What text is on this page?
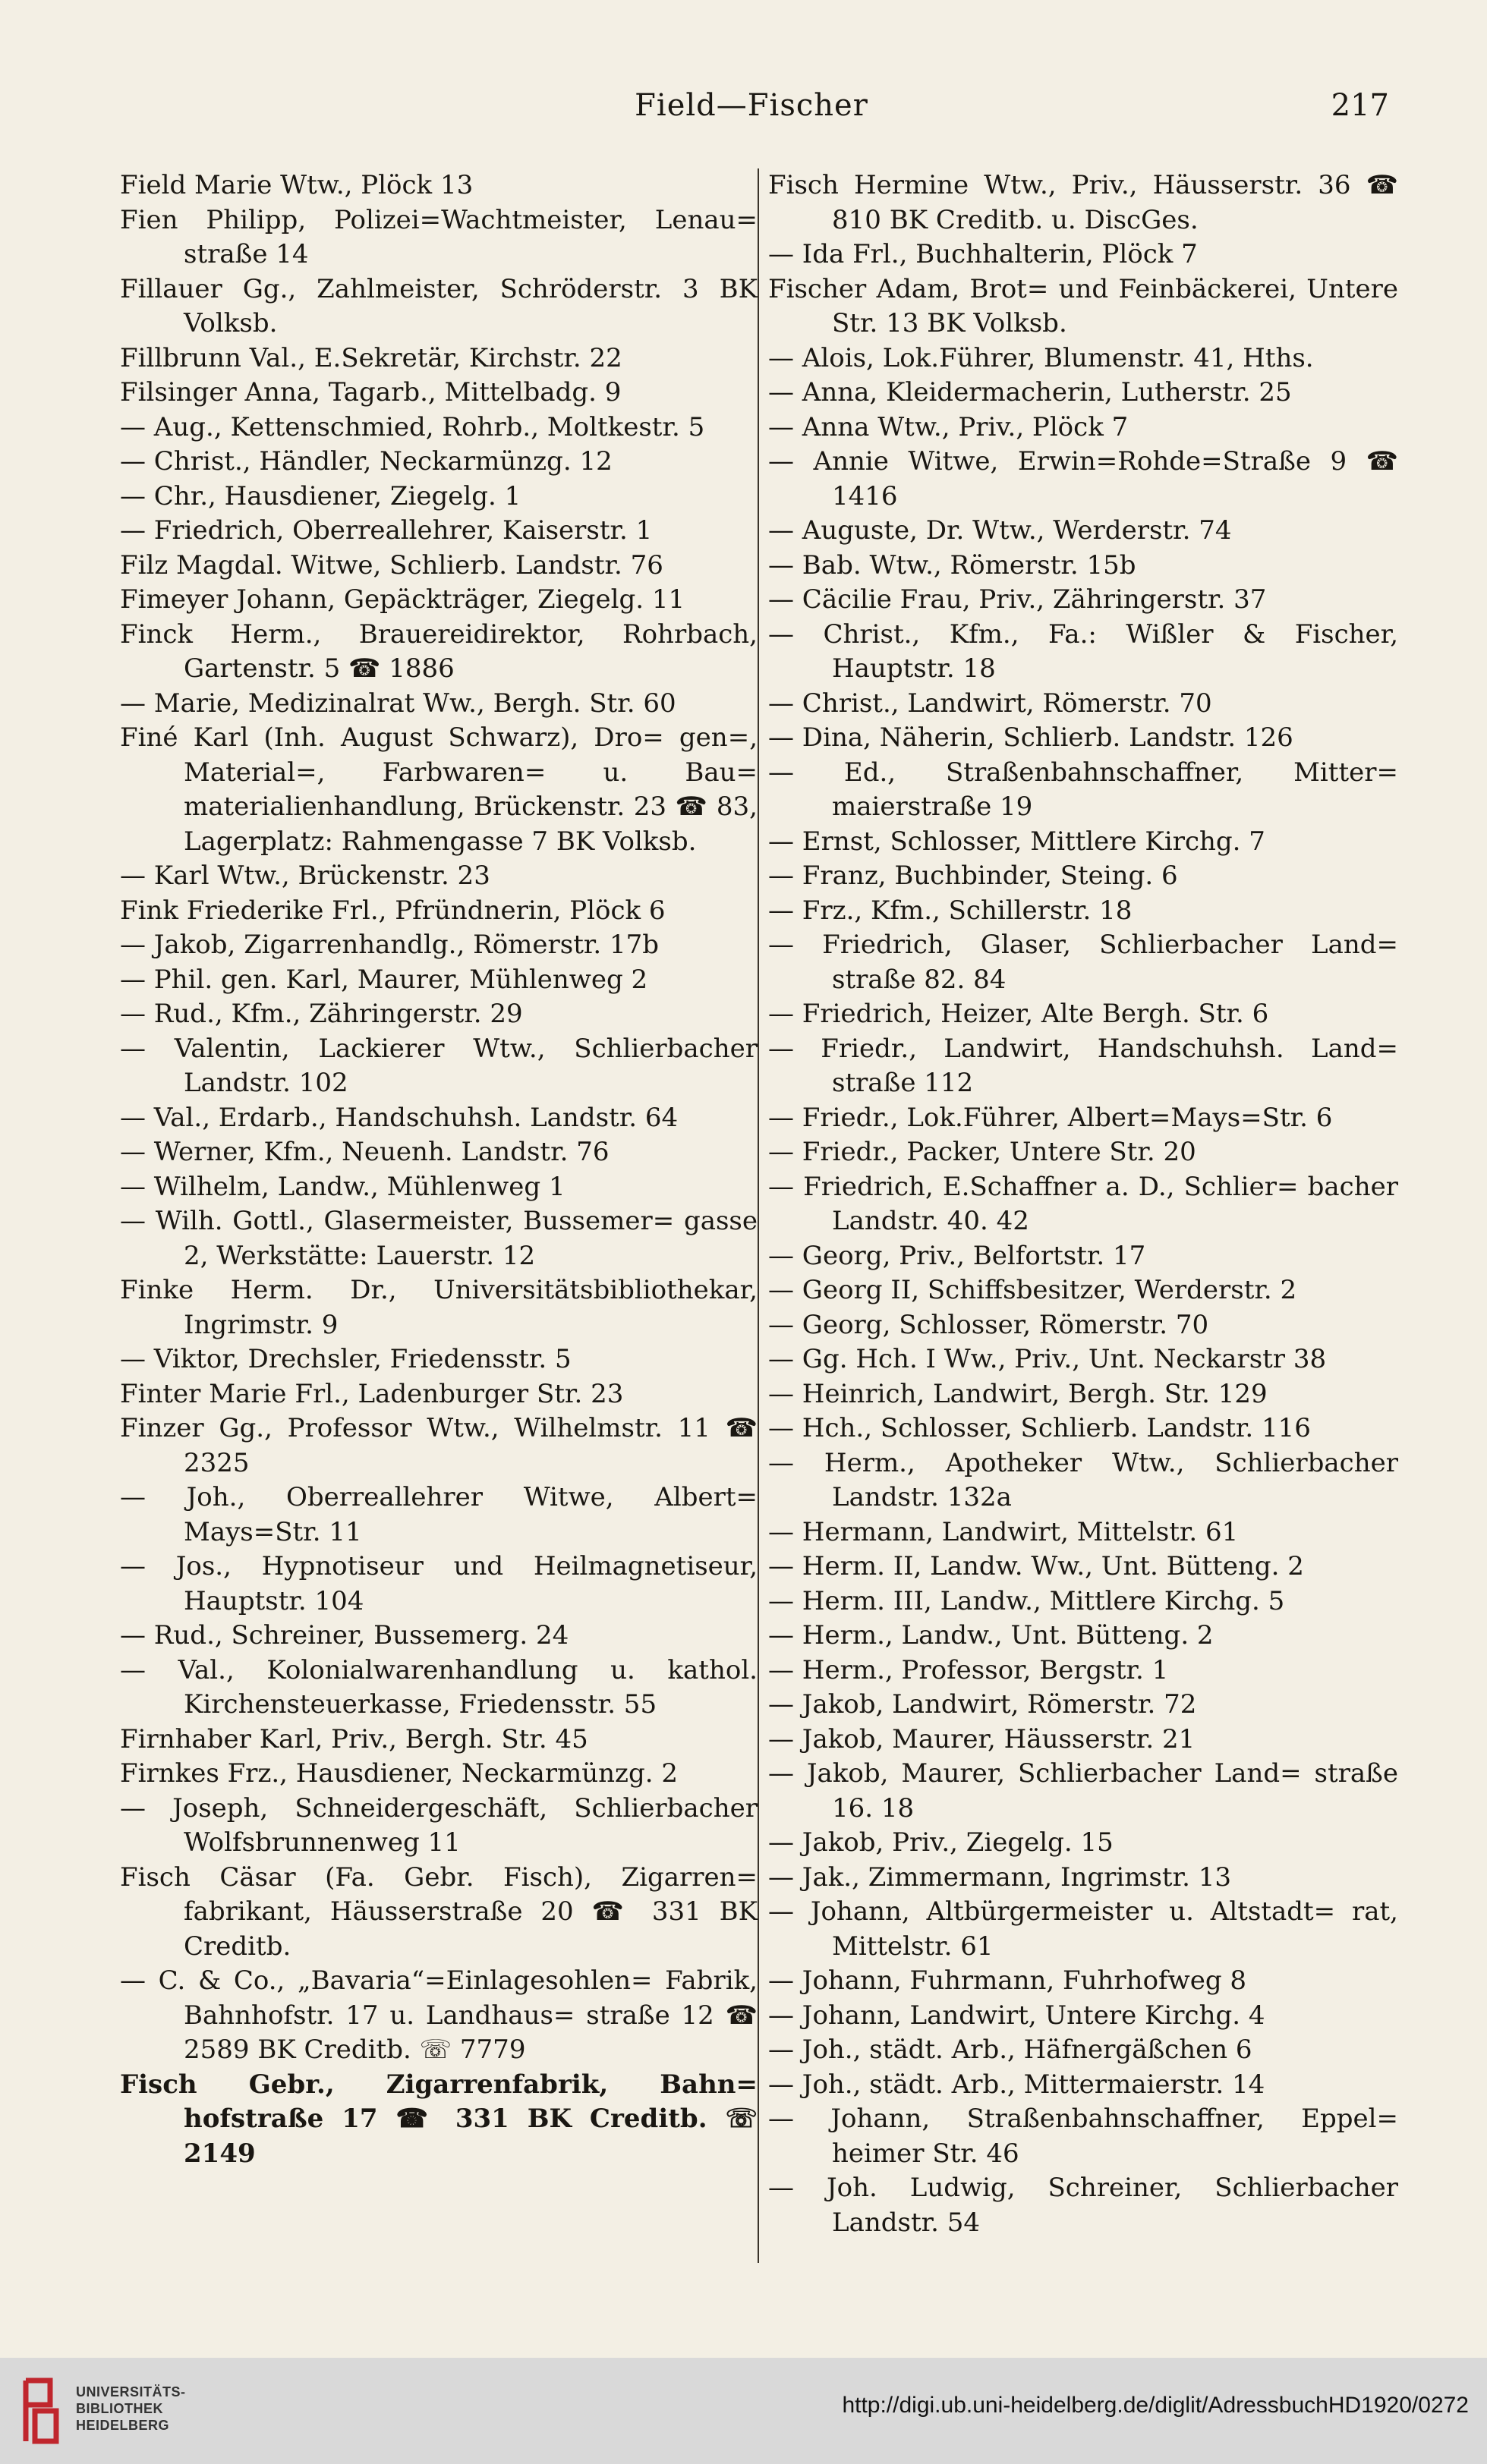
Field—Fischer	217

Field Marie Wtw., Plöck 13

Fien Philipp, Polizei=Wachtmeister, Lenau= straße 14

Fillauer Gg., Zahlmeister, Schröderstr. 3 BK Volksb.

Fillbrunn Val., E.Sekretär, Kirchstr. 22

Filsinger Anna, Tagarb., Mittelbadg. 9

— Aug., Kettenschmied, Rohrb., Moltkestr. 5

— Christ., Händler, Neckarmünzg. 12

— Chr., Hausdiener, Ziegelg. 1

— Friedrich, Oberreallehrer, Kaiserstr. 1

Filz Magdal. Witwe, Schlierb. Landstr. 76

Fimeyer Johann, Gepäckträger, Ziegelg. 11

Finck Herm., Brauereidirektor, Rohrbach, Gartenstr. 5 ☎ 1886

— Marie, Medizinalrat Ww., Bergh. Str. 60

Finé Karl (Inh. August Schwarz), Dro= gen=, Material=, Farbwaren= u. Bau= materialienhandlung, Brückenstr. 23 ☎ 83, Lagerplatz: Rahmengasse 7 BK Volksb.

— Karl Wtw., Brückenstr. 23

Fink Friederike Frl., Pfründnerin, Plöck 6

— Jakob, Zigarrenhandlg., Römerstr. 17b

— Phil. gen. Karl, Maurer, Mühlenweg 2

— Rud., Kfm., Zähringerstr. 29

— Valentin, Lackierer Wtw., Schlierbacher Landstr. 102

— Val., Erdarb., Handschuhsh. Landstr. 64

— Werner, Kfm., Neuenh. Landstr. 76

— Wilhelm, Landw., Mühlenweg 1

— Wilh. Gottl., Glasermeister, Bussemer= gasse 2, Werkstätte: Lauerstr. 12

Finke Herm. Dr., Universitätsbibliothekar, Ingrimstr. 9

— Viktor, Drechsler, Friedensstr. 5

Finter Marie Frl., Ladenburger Str. 23

Finzer Gg., Professor Wtw., Wilhelmstr. 11 ☎ 2325

— Joh., Oberreallehrer Witwe, Albert= Mays=Str. 11

— Jos., Hypnotiseur und Heilmagnetiseur, Hauptstr. 104

— Rud., Schreiner, Bussemerg. 24

— Val., Kolonialwarenhandlung u. kathol. Kirchensteuerkasse, Friedensstr. 55

Firnhaber Karl, Priv., Bergh. Str. 45

Firnkes Frz., Hausdiener, Neckarmünzg. 2

— Joseph, Schneidergeschäft, Schlierbacher Wolfsbrunnenweg 11

Fisch Cäsar (Fa. Gebr. Fisch), Zigarren= fabrikant, Häusserstraße 20 ☎ 331 BK Creditb.

— C. & Co., „Bavaria“=Einlagesohlen= Fabrik, Bahnhofstr. 17 u. Landhaus= straße 12 ☎ 2589 BK Creditb. ☏ 7779

Fisch Gebr., Zigarrenfabrik, Bahn= hofstraße 17 ☎ 331 BK Creditb. ☏ 2149

Fisch Hermine Wtw., Priv., Häusserstr. 36 ☎ 810 BK Creditb. u. DiscGes.

— Ida Frl., Buchhalterin, Plöck 7

Fischer Adam, Brot= und Feinbäckerei, Untere Str. 13 BK Volksb.

— Alois, Lok.Führer, Blumenstr. 41, Hths.

— Anna, Kleidermacherin, Lutherstr. 25

— Anna Wtw., Priv., Plöck 7

— Annie Witwe, Erwin=Rohde=Straße 9 ☎ 1416

— Auguste, Dr. Wtw., Werderstr. 74

— Bab. Wtw., Römerstr. 15b

— Cäcilie Frau, Priv., Zähringerstr. 37

— Christ., Kfm., Fa.: Wißler & Fischer, Hauptstr. 18

— Christ., Landwirt, Römerstr. 70

— Dina, Näherin, Schlierb. Landstr. 126

— Ed., Straßenbahnschaffner, Mitter= maierstraße 19

— Ernst, Schlosser, Mittlere Kirchg. 7

— Franz, Buchbinder, Steing. 6

— Frz., Kfm., Schillerstr. 18

— Friedrich, Glaser, Schlierbacher Land= straße 82. 84

— Friedrich, Heizer, Alte Bergh. Str. 6

— Friedr., Landwirt, Handschuhsh. Land= straße 112

— Friedr., Lok.Führer, Albert=Mays=Str. 6

— Friedr., Packer, Untere Str. 20

— Friedrich, E.Schaffner a. D., Schlier= bacher Landstr. 40. 42

— Georg, Priv., Belfortstr. 17

— Georg II, Schiffsbesitzer, Werderstr. 2

— Georg, Schlosser, Römerstr. 70

— Gg. Hch. I Ww., Priv., Unt. Neckarstr 38

— Heinrich, Landwirt, Bergh. Str. 129

— Hch., Schlosser, Schlierb. Landstr. 116

— Herm., Apotheker Wtw., Schlierbacher Landstr. 132a

— Hermann, Landwirt, Mittelstr. 61

— Herm. II, Landw. Ww., Unt. Bütteng. 2

— Herm. III, Landw., Mittlere Kirchg. 5

— Herm., Landw., Unt. Bütteng. 2

— Herm., Professor, Bergstr. 1

— Jakob, Landwirt, Römerstr. 72

— Jakob, Maurer, Häusserstr. 21

— Jakob, Maurer, Schlierbacher Land= straße 16. 18

— Jakob, Priv., Ziegelg. 15

— Jak., Zimmermann, Ingrimstr. 13

— Johann, Altbürgermeister u. Altstadt= rat, Mittelstr. 61

— Johann, Fuhrmann, Fuhrhofweg 8

— Johann, Landwirt, Untere Kirchg. 4

— Joh., städt. Arb., Häfnergäßchen 6

— Joh., städt. Arb., Mittermaierstr. 14

— Johann, Straßenbahnschaffner, Eppel= heimer Str. 46

— Joh. Ludwig, Schreiner, Schlierbacher Landstr. 54

UNIVERSITÄTS-
BIBLIOTHEK
HEIDELBERG
http://digi.ub.uni-heidelberg.de/diglit/AdressbuchHD1920/0272
